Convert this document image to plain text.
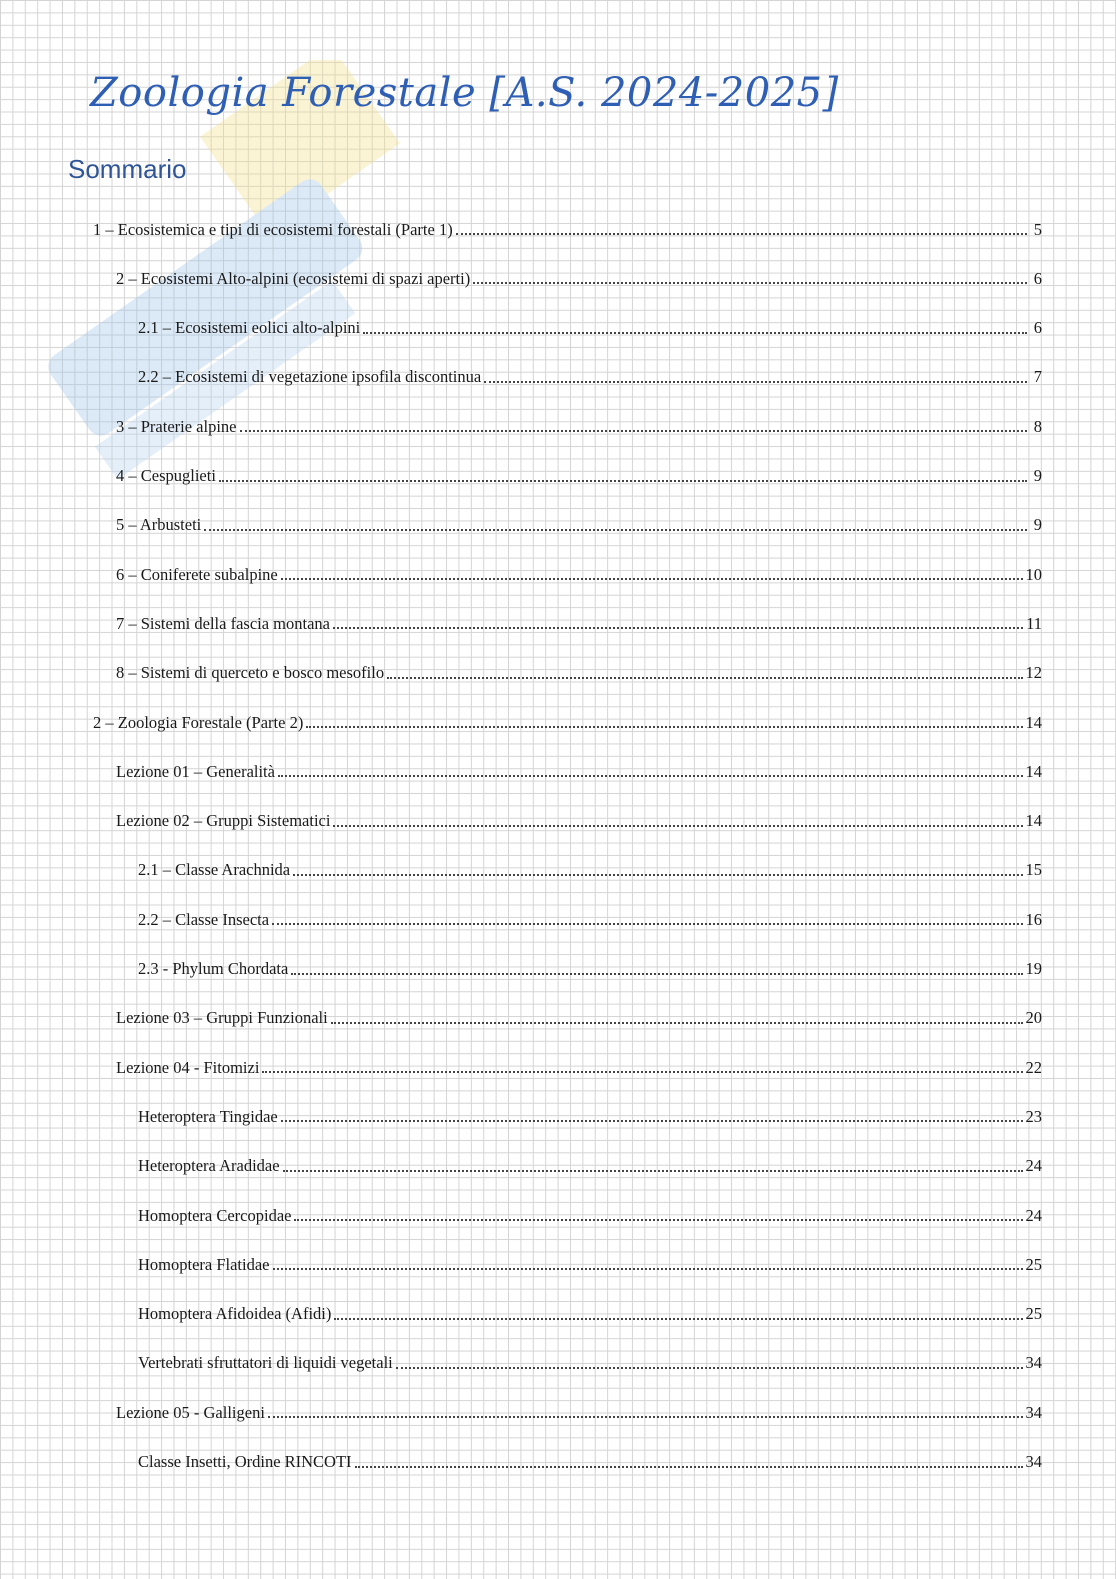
Zoologia Forestale [A.S. 2024-2025]
Sommario
1 – Ecosistemica e tipi di ecosistemi forestali (Parte 1)	5
2 – Ecosistemi Alto-alpini (ecosistemi di spazi aperti)	6
2.1 – Ecosistemi eolici alto-alpini	6
2.2 – Ecosistemi di vegetazione ipsofila discontinua	7
3 – Praterie alpine	8
4 – Cespuglieti	9
5 – Arbusteti	9
6 – Coniferete subalpine	10
7 – Sistemi della fascia montana	11
8 – Sistemi di querceto e bosco mesofilo	12
2 – Zoologia Forestale (Parte 2)	14
Lezione 01 – Generalità	14
Lezione 02 – Gruppi Sistematici	14
2.1 – Classe Arachnida	15
2.2 – Classe Insecta	16
2.3 - Phylum Chordata	19
Lezione 03 – Gruppi Funzionali	20
Lezione 04 - Fitomizi	22
Heteroptera Tingidae	23
Heteroptera Aradidae	24
Homoptera Cercopidae	24
Homoptera Flatidae	25
Homoptera Afidoidea (Afidi)	25
Vertebrati sfruttatori di liquidi vegetali	34
Lezione 05 - Galligeni	34
Classe Insetti, Ordine RINCOTI	34
